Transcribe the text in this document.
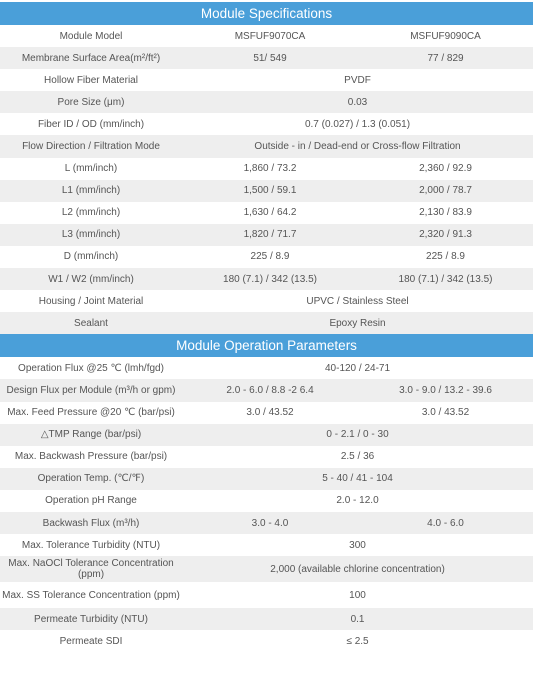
Module Specifications		
Module Model	MSFUF9070CA	MSFUF9090CA
Membrane Surface Area(m²/ft²)	51/ 549	77 / 829
Hollow Fiber Material	PVDF	
Pore Size (μm)	0.03	
Fiber ID / OD (mm/inch)	0.7 (0.027) / 1.3 (0.051)	
Flow Direction / Filtration Mode	Outside - in / Dead-end or Cross-flow Filtration	
L (mm/inch)	1,860 / 73.2	2,360 / 92.9
L1 (mm/inch)	1,500 / 59.1	2,000 / 78.7
L2 (mm/inch)	1,630 / 64.2	2,130 / 83.9
L3 (mm/inch)	1,820 / 71.7	2,320 / 91.3
D (mm/inch)	225 / 8.9	225 / 8.9
W1 / W2 (mm/inch)	180 (7.1) / 342 (13.5)	180 (7.1) / 342 (13.5)
Housing / Joint Material	UPVC / Stainless Steel	
Sealant	Epoxy Resin	
Module Operation Parameters		
Operation Flux @25 ℃ (lmh/fgd)	40-120 / 24-71	
Design Flux per Module (m³/h or gpm)	2.0 - 6.0 / 8.8 -2 6.4	3.0 - 9.0 / 13.2 - 39.6
Max. Feed Pressure @20 ℃ (bar/psi)	3.0 / 43.52	3.0 / 43.52
△TMP Range (bar/psi)	0 - 2.1 / 0 - 30	
Max. Backwash Pressure (bar/psi)	2.5 / 36	
Operation Temp. (℃/℉)	5 - 40 / 41 - 104	
Operation pH Range	2.0 - 12.0	
Backwash Flux (m³/h)	3.0 - 4.0	4.0 - 6.0
Max. Tolerance Turbidity (NTU)	300	
Max. NaOCl Tolerance Concentration (ppm)	2,000 (available chlorine concentration)	
Max. SS Tolerance Concentration (ppm)	100	
Permeate Turbidity (NTU)	0.1	
Permeate SDI	≤ 2.5	
